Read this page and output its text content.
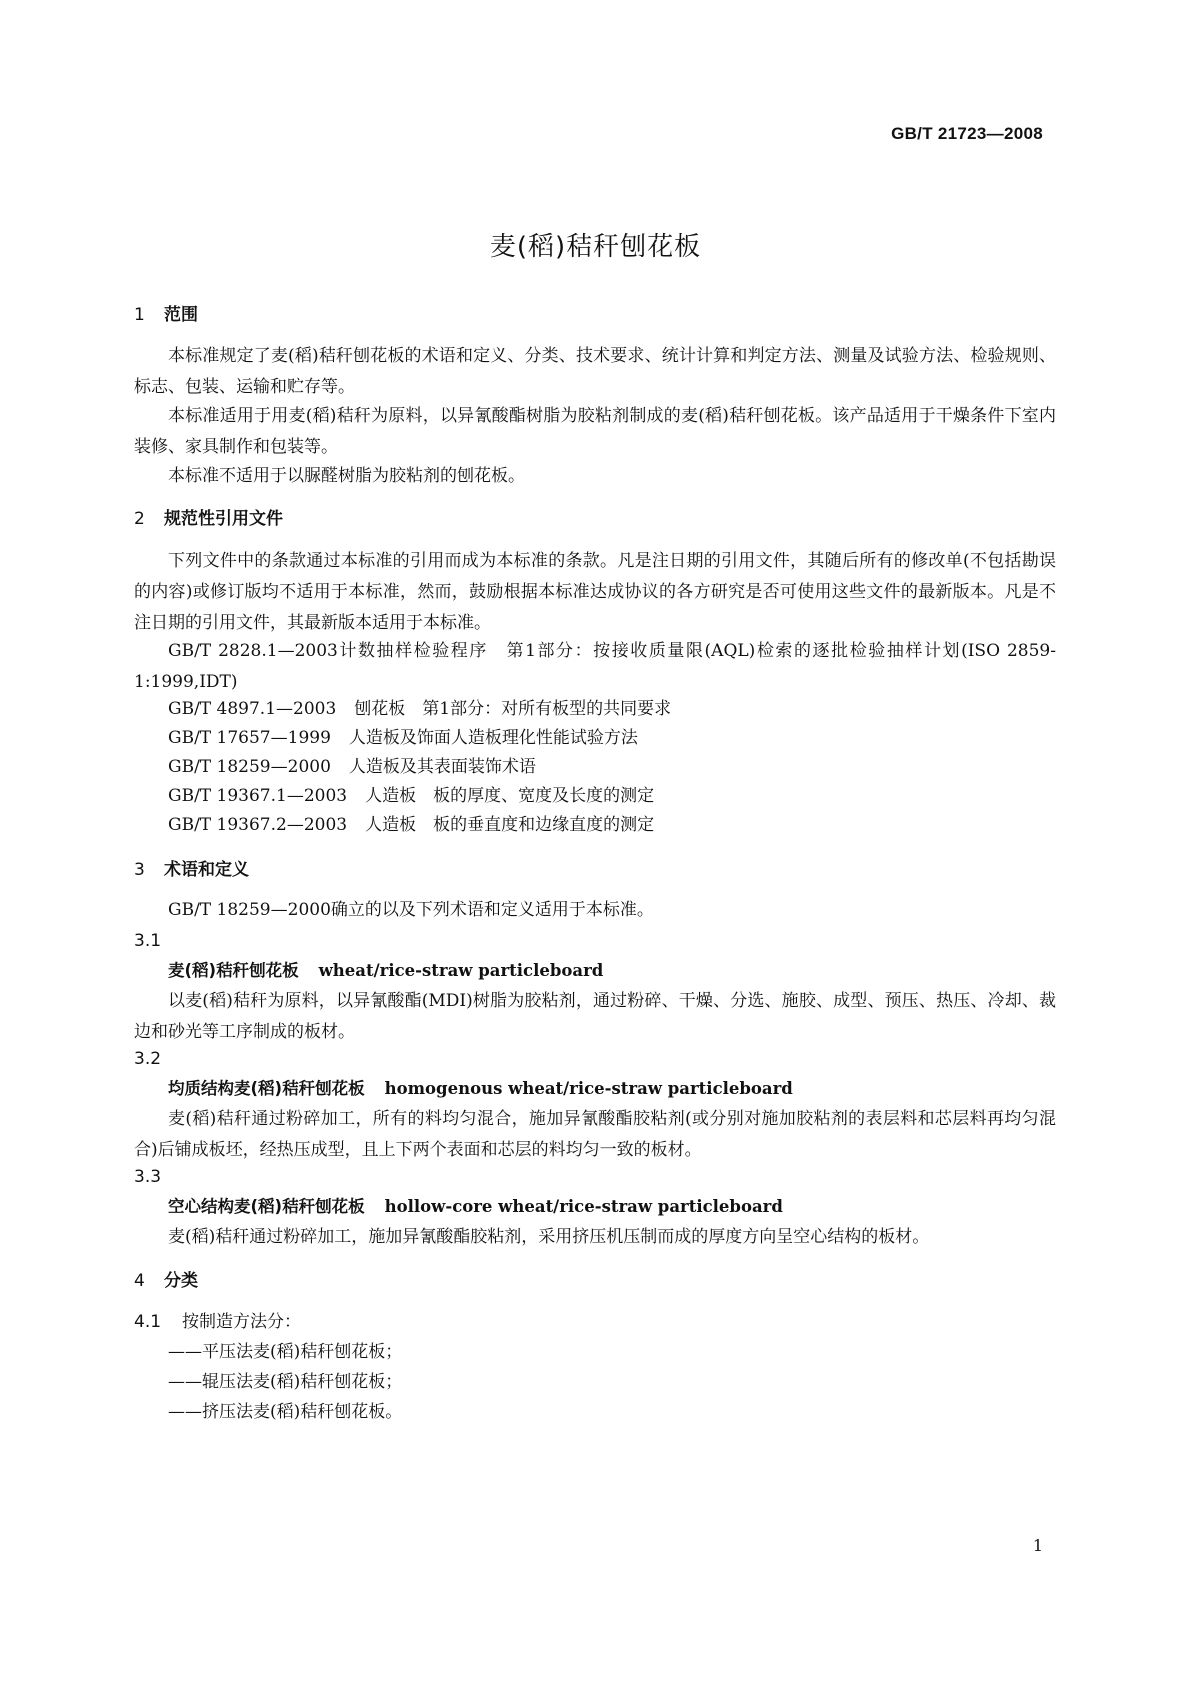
GB/T 21723—2008
麦(稻)秸秆刨花板
1 范围
本标准规定了麦(稻)秸秆刨花板的术语和定义、分类、技术要求、统计计算和判定方法、测量及试验方法、检验规则、标志、包装、运输和贮存等。
本标准适用于用麦(稻)秸秆为原料，以异氰酸酯树脂为胶粘剂制成的麦(稻)秸秆刨花板。该产品适用于干燥条件下室内装修、家具制作和包装等。
本标准不适用于以脲醛树脂为胶粘剂的刨花板。
2 规范性引用文件
下列文件中的条款通过本标准的引用而成为本标准的条款。凡是注日期的引用文件，其随后所有的修改单(不包括勘误的内容)或修订版均不适用于本标准，然而，鼓励根据本标准达成协议的各方研究是否可使用这些文件的最新版本。凡是不注日期的引用文件，其最新版本适用于本标准。
GB/T 2828.1—2003计数抽样检验程序　第1部分：按接收质量限(AQL)检索的逐批检验抽样计划(ISO 2859-1:1999,IDT)
GB/T 4897.1—2003 刨花板　第1部分：对所有板型的共同要求
GB/T 17657—1999 人造板及饰面人造板理化性能试验方法
GB/T 18259—2000 人造板及其表面装饰术语
GB/T 19367.1—2003 人造板　板的厚度、宽度及长度的测定
GB/T 19367.2—2003 人造板　板的垂直度和边缘直度的测定
3 术语和定义
GB/T 18259—2000确立的以及下列术语和定义适用于本标准。
3.1
麦(稻)秸秆刨花板 wheat/rice-straw particleboard
以麦(稻)秸秆为原料，以异氰酸酯(MDI)树脂为胶粘剂，通过粉碎、干燥、分选、施胶、成型、预压、热压、冷却、裁边和砂光等工序制成的板材。
3.2
均质结构麦(稻)秸秆刨花板 homogenous wheat/rice-straw particleboard
麦(稻)秸秆通过粉碎加工，所有的料均匀混合，施加异氰酸酯胶粘剂(或分别对施加胶粘剂的表层料和芯层料再均匀混合)后铺成板坯，经热压成型，且上下两个表面和芯层的料均匀一致的板材。
3.3
空心结构麦(稻)秸秆刨花板 hollow-core wheat/rice-straw particleboard
麦(稻)秸秆通过粉碎加工，施加异氰酸酯胶粘剂，采用挤压机压制而成的厚度方向呈空心结构的板材。
4 分类
4.1 按制造方法分：
——平压法麦(稻)秸秆刨花板；
——辊压法麦(稻)秸秆刨花板；
——挤压法麦(稻)秸秆刨花板。
1
